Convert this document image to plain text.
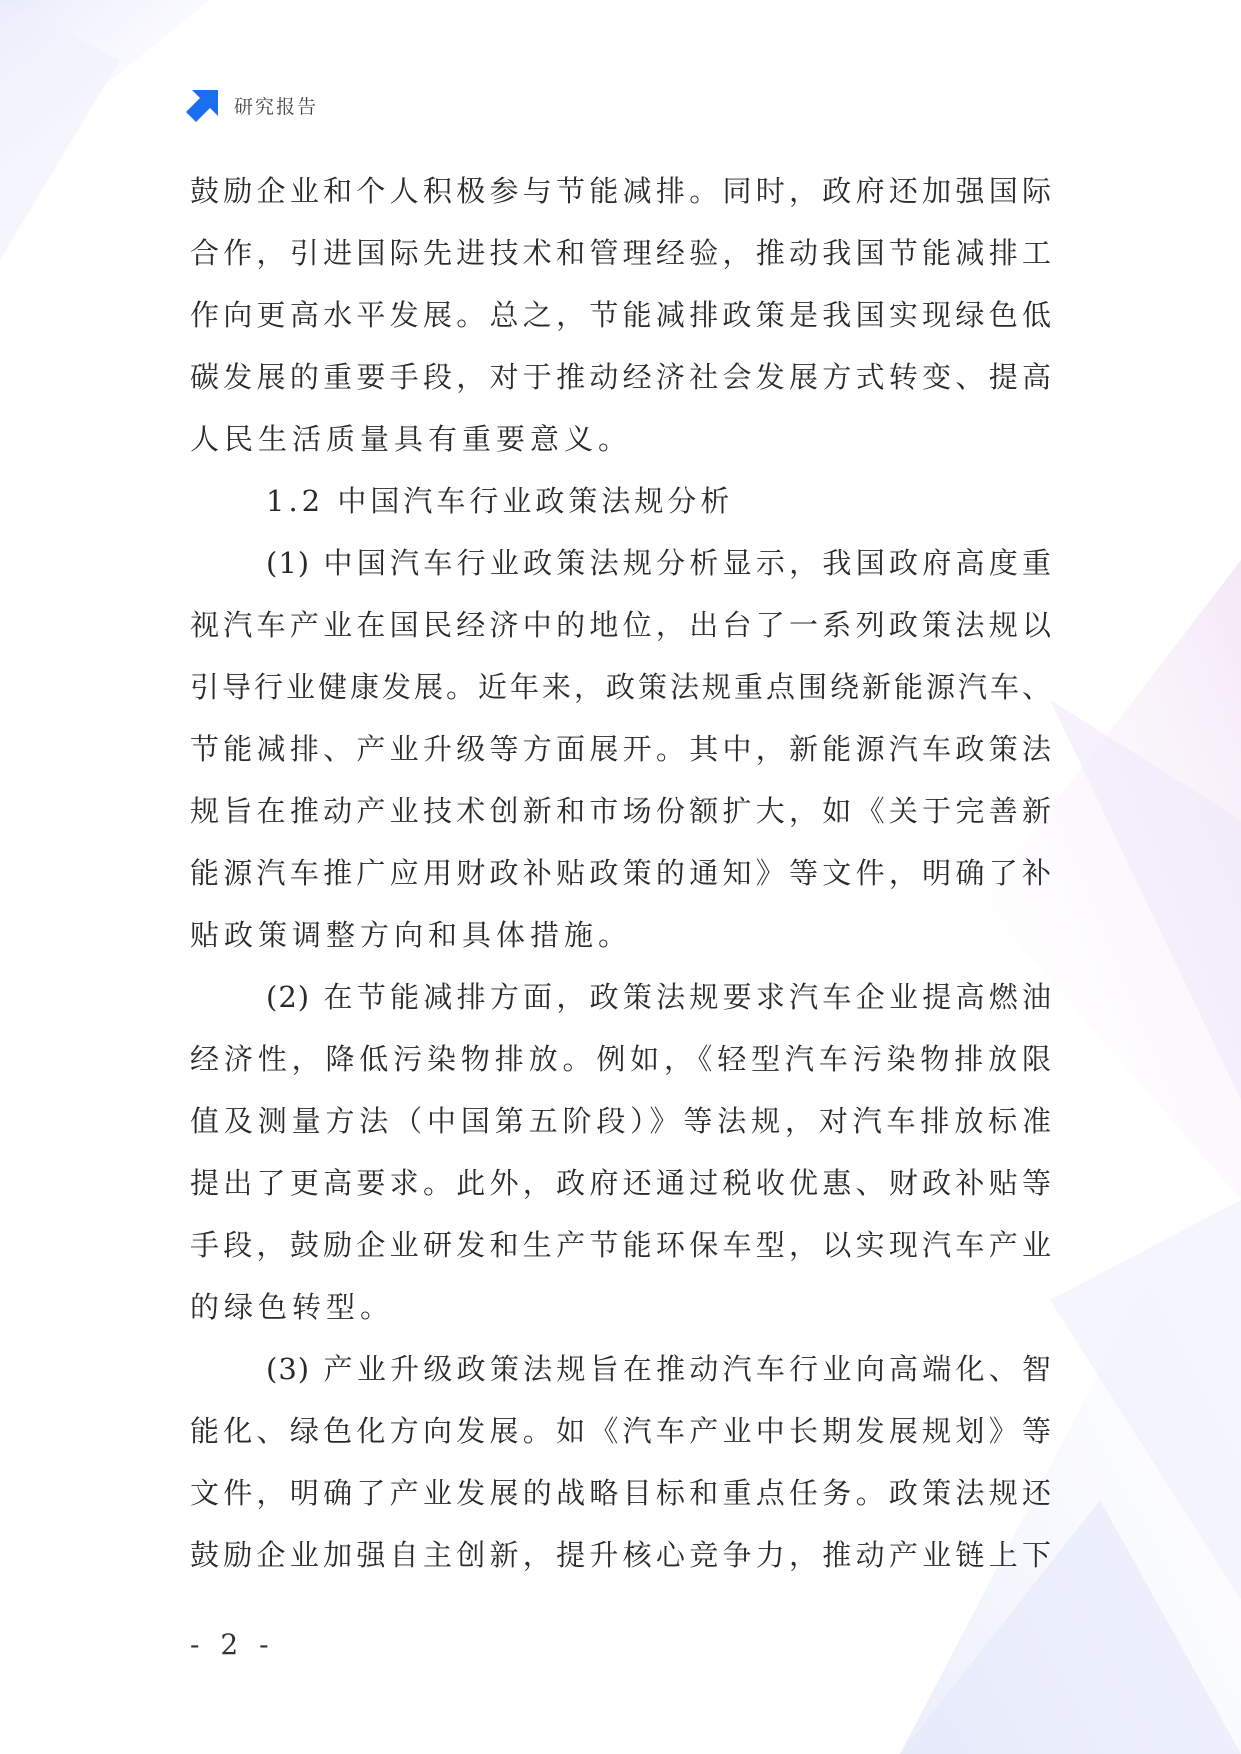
研究报告
鼓励企业和个人积极参与节能减排。同时，政府还加强国际
合作，引进国际先进技术和管理经验，推动我国节能减排工
作向更高水平发展。总之，节能减排政策是我国实现绿色低
碳发展的重要手段，对于推动经济社会发展方式转变、提高
人民生活质量具有重要意义。
1.2 中国汽车行业政策法规分析
(1) 中国汽车行业政策法规分析显示，我国政府高度重
视汽车产业在国民经济中的地位，出台了一系列政策法规以
引导行业健康发展。近年来，政策法规重点围绕新能源汽车、
节能减排、产业升级等方面展开。其中，新能源汽车政策法
规旨在推动产业技术创新和市场份额扩大，如《关于完善新
能源汽车推广应用财政补贴政策的通知》等文件，明确了补
贴政策调整方向和具体措施。
(2) 在节能减排方面，政策法规要求汽车企业提高燃油
经济性，降低污染物排放。例如，《轻型汽车污染物排放限
值及测量方法（中国第五阶段）》等法规，对汽车排放标准
提出了更高要求。此外，政府还通过税收优惠、财政补贴等
手段，鼓励企业研发和生产节能环保车型，以实现汽车产业
的绿色转型。
(3) 产业升级政策法规旨在推动汽车行业向高端化、智
能化、绿色化方向发展。如《汽车产业中长期发展规划》等
文件，明确了产业发展的战略目标和重点任务。政策法规还
鼓励企业加强自主创新，提升核心竞争力，推动产业链上下
- 2 -
